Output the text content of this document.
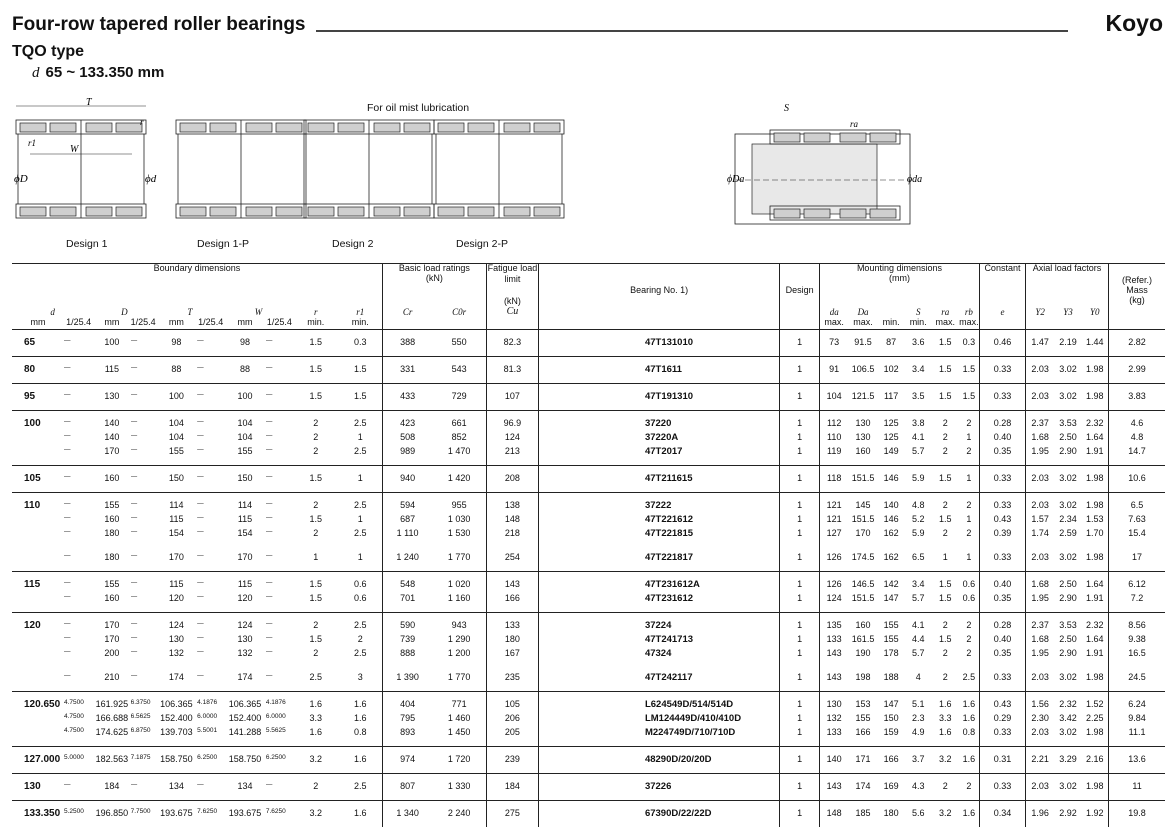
Four-row tapered roller bearings	Koyo
TQO type
d 65 ~ 133.350 mm
T
r
r1
W
ϕD	ϕd
S
ra
ϕDa	ϕda
Design 1	Design 1-P	Design 2	Design 2-P
For oil mist lubrication
Boundary dimensions										Basic load ratings
(kN)		Fatigue load limit	Bearing No. 1)	Design	Mounting dimensions
(mm)						Constant	Axial load factors			(Refer.)
Mass
(kg)
d		D		T		W		r	r1	Cr	C0r	(kN)
Cu			da	Da		S	ra	rb	e	Y2	Y3	Y0	
mm	1/25.4	mm	1/25.4	mm	1/25.4	mm	1/25.4	min.	min.						max.	max.	min.	min.	max.	max.					
65	—	100	—	98	—	98	—	1.5	0.3	388	550	82.3	47T131010	1	73	91.5	87	3.6	1.5	0.3	0.46	1.47	2.19	1.44	2.82
80	—	115	—	88	—	88	—	1.5	1.5	331	543	81.3	47T1611	1	91	106.5	102	3.4	1.5	1.5	0.33	2.03	3.02	1.98	2.99
95	—	130	—	100	—	100	—	1.5	1.5	433	729	107	47T191310	1	104	121.5	117	3.5	1.5	1.5	0.33	2.03	3.02	1.98	3.83
100	—	140	—	104	—	104	—	2	2.5	423	661	96.9	37220	1	112	130	125	3.8	2	2	0.28	2.37	3.53	2.32	4.6
	—	140	—	104	—	104	—	2	1	508	852	124	37220A	1	110	130	125	4.1	2	1	0.40	1.68	2.50	1.64	4.8
	—	170	—	155	—	155	—	2	2.5	989	1 470	213	47T2017	1	119	160	149	5.7	2	2	0.35	1.95	2.90	1.91	14.7
105	—	160	—	150	—	150	—	1.5	1	940	1 420	208	47T211615	1	118	151.5	146	5.9	1.5	1	0.33	2.03	3.02	1.98	10.6
110	—	155	—	114	—	114	—	2	2.5	594	955	138	37222	1	121	145	140	4.8	2	2	0.33	2.03	3.02	1.98	6.5
	—	160	—	115	—	115	—	1.5	1	687	1 030	148	47T221612	1	121	151.5	146	5.2	1.5	1	0.43	1.57	2.34	1.53	7.63
	—	180	—	154	—	154	—	2	2.5	1 110	1 530	218	47T221815	1	127	170	162	5.9	2	2	0.39	1.74	2.59	1.70	15.4

	—	180	—	170	—	170	—	1	1	1 240	1 770	254	47T221817	1	126	174.5	162	6.5	1	1	0.33	2.03	3.02	1.98	17
115	—	155	—	115	—	115	—	1.5	0.6	548	1 020	143	47T231612A	1	126	146.5	142	3.4	1.5	0.6	0.40	1.68	2.50	1.64	6.12
	—	160	—	120	—	120	—	1.5	0.6	701	1 160	166	47T231612	1	124	151.5	147	5.7	1.5	0.6	0.35	1.95	2.90	1.91	7.2
120	—	170	—	124	—	124	—	2	2.5	590	943	133	37224	1	135	160	155	4.1	2	2	0.28	2.37	3.53	2.32	8.56
	—	170	—	130	—	130	—	1.5	2	739	1 290	180	47T241713	1	133	161.5	155	4.4	1.5	2	0.40	1.68	2.50	1.64	9.38
	—	200	—	132	—	132	—	2	2.5	888	1 200	167	47324	1	143	190	178	5.7	2	2	0.35	1.95	2.90	1.91	16.5

	—	210	—	174	—	174	—	2.5	3	1 390	1 770	235	47T242117	1	143	198	188	4	2	2.5	0.33	2.03	3.02	1.98	24.5
120.650	4.7500	161.925	6.3750	106.365	4.1876	106.365	4.1876	1.6	1.6	404	771	105	L624549D/514/514D	1	130	153	147	5.1	1.6	1.6	0.43	1.56	2.32	1.52	6.24
	4.7500	166.688	6.5625	152.400	6.0000	152.400	6.0000	3.3	1.6	795	1 460	206	LM124449D/410/410D	1	132	155	150	2.3	3.3	1.6	0.29	2.30	3.42	2.25	9.84
	4.7500	174.625	6.8750	139.703	5.5001	141.288	5.5625	1.6	0.8	893	1 450	205	M224749D/710/710D	1	133	166	159	4.9	1.6	0.8	0.33	2.03	3.02	1.98	11.1
127.000	5.0000	182.563	7.1875	158.750	6.2500	158.750	6.2500	3.2	1.6	974	1 720	239	48290D/20/20D	1	140	171	166	3.7	3.2	1.6	0.31	2.21	3.29	2.16	13.6
130	—	184	—	134	—	134	—	2	2.5	807	1 330	184	37226	1	143	174	169	4.3	2	2	0.33	2.03	3.02	1.98	11
133.350	5.2500	196.850	7.7500	193.675	7.6250	193.675	7.6250	3.2	1.6	1 340	2 240	275	67390D/22/22D	1	148	185	180	5.6	3.2	1.6	0.34	1.96	2.92	1.92	19.8
